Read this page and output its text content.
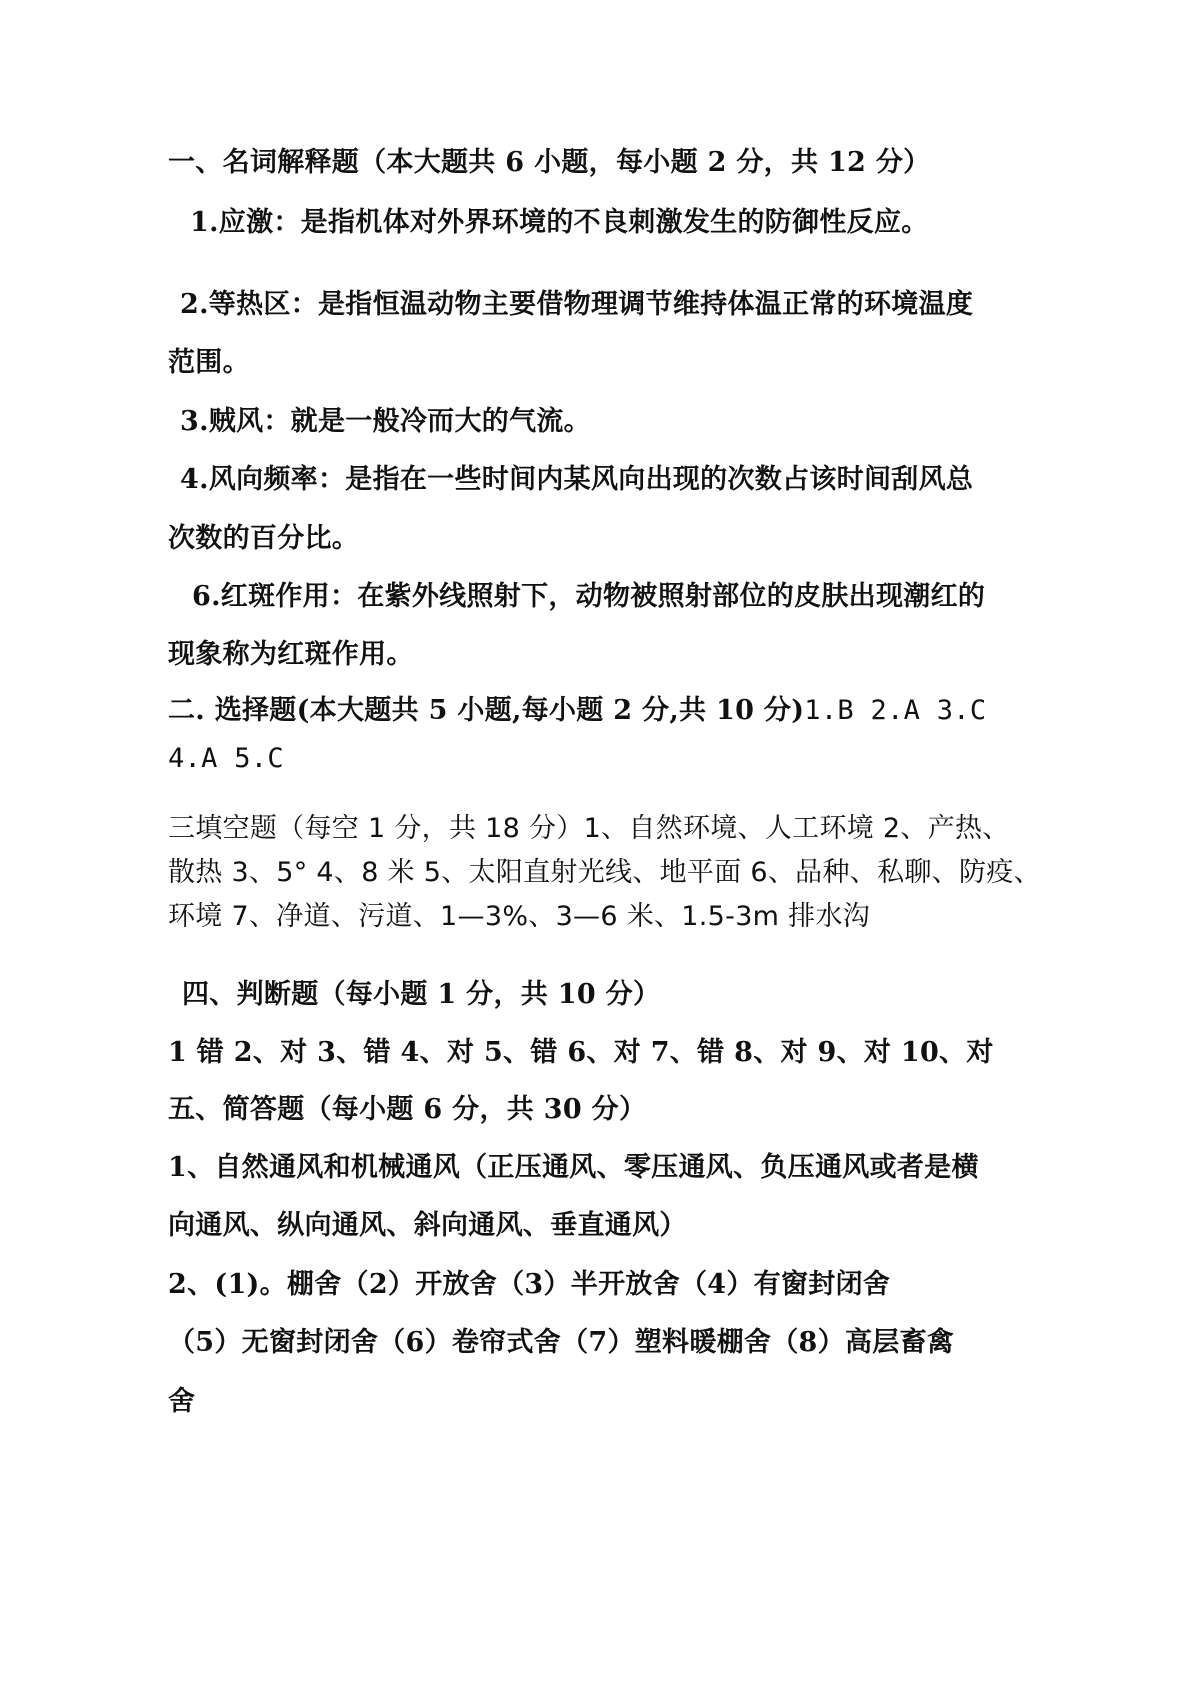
一、名词解释题（本大题共 6 小题，每小题 2 分，共 12 分）
1.应激：是指机体对外界环境的不良刺激发生的防御性反应。
2.等热区：是指恒温动物主要借物理调节维持体温正常的环境温度
范围。
3.贼风：就是一般冷而大的气流。
4.风向频率：是指在一些时间内某风向出现的次数占该时间刮风总
次数的百分比。
6.红斑作用：在紫外线照射下，动物被照射部位的皮肤出现潮红的
现象称为红斑作用。
二. 选择题(本大题共 5 小题,每小题 2 分,共 10 分)1.B 2.A 3.C
4.A 5.C
三填空题（每空 1 分，共 18 分）1、自然环境、人工环境 2、产热、
散热 3、5° 4、8 米 5、太阳直射光线、地平面 6、品种、私聊、防疫、
环境 7、净道、污道、1—3%、3—6 米、1.5-3m 排水沟
四、判断题（每小题 1 分，共 10 分）
1 错 2、对 3、错 4、对 5、错 6、对 7、错 8、对 9、对 10、对
五、简答题（每小题 6 分，共 30 分）
1、自然通风和机械通风（正压通风、零压通风、负压通风或者是横
向通风、纵向通风、斜向通风、垂直通风）
2、(1)。棚舍（2）开放舍（3）半开放舍（4）有窗封闭舍
（5）无窗封闭舍（6）卷帘式舍（7）塑料暖棚舍（8）高层畜禽
舍
